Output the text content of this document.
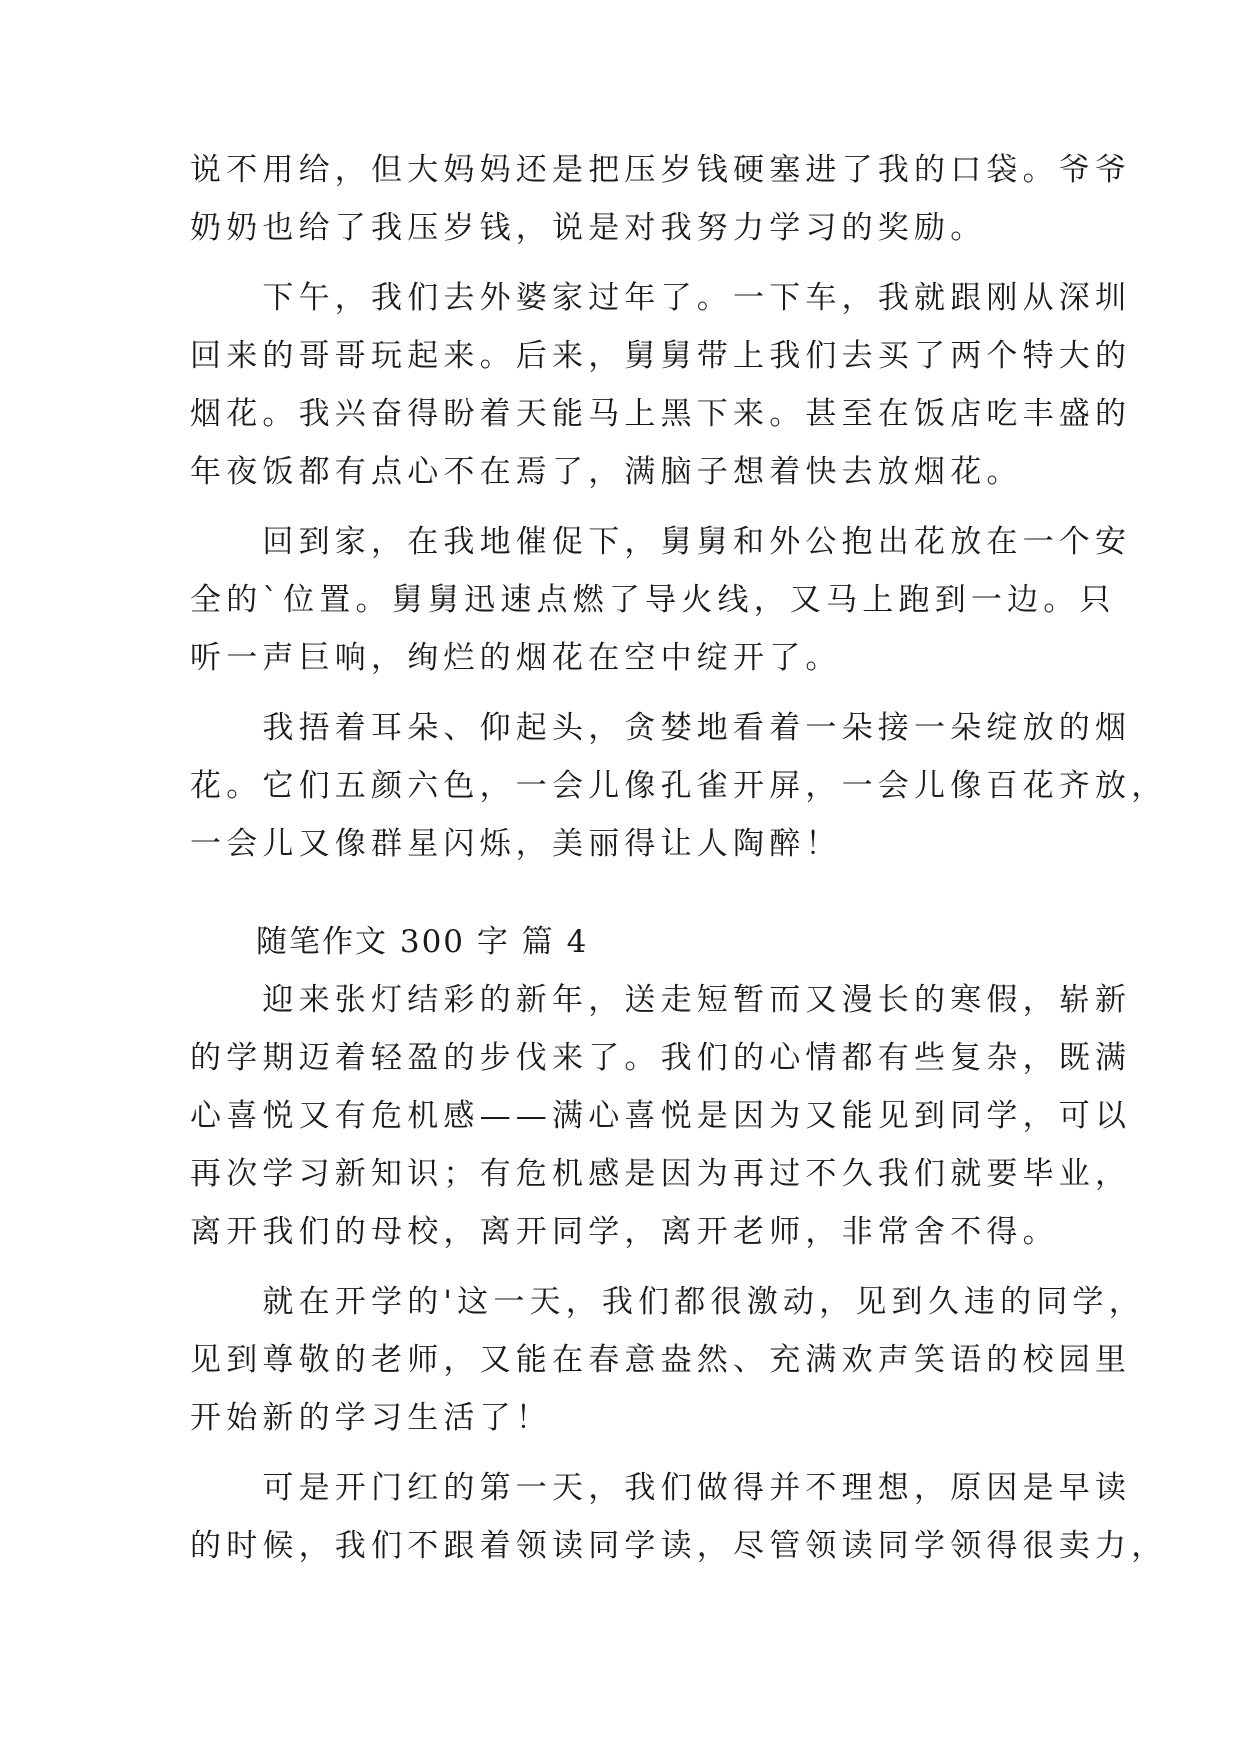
说不用给，但大妈妈还是把压岁钱硬塞进了我的口袋。爷爷
奶奶也给了我压岁钱，说是对我努力学习的奖励。
　　下午，我们去外婆家过年了。一下车，我就跟刚从深圳
回来的哥哥玩起来。后来，舅舅带上我们去买了两个特大的
烟花。我兴奋得盼着天能马上黑下来。甚至在饭店吃丰盛的
年夜饭都有点心不在焉了，满脑子想着快去放烟花。
　　回到家，在我地催促下，舅舅和外公抱出花放在一个安
全的`位置。舅舅迅速点燃了导火线，又马上跑到一边。只
听一声巨响，绚烂的烟花在空中绽开了。
　　我捂着耳朵、仰起头，贪婪地看着一朵接一朵绽放的烟
花。它们五颜六色，一会儿像孔雀开屏，一会儿像百花齐放，
一会儿又像群星闪烁，美丽得让人陶醉！
　　随笔作文 300 字 篇 4
　　迎来张灯结彩的新年，送走短暂而又漫长的寒假，崭新
的学期迈着轻盈的步伐来了。我们的心情都有些复杂，既满
心喜悦又有危机感——满心喜悦是因为又能见到同学，可以
再次学习新知识；有危机感是因为再过不久我们就要毕业，
离开我们的母校，离开同学，离开老师，非常舍不得。
　　就在开学的'这一天，我们都很激动，见到久违的同学，
见到尊敬的老师，又能在春意盎然、充满欢声笑语的校园里
开始新的学习生活了！
　　可是开门红的第一天，我们做得并不理想，原因是早读
的时候，我们不跟着领读同学读，尽管领读同学领得很卖力，
